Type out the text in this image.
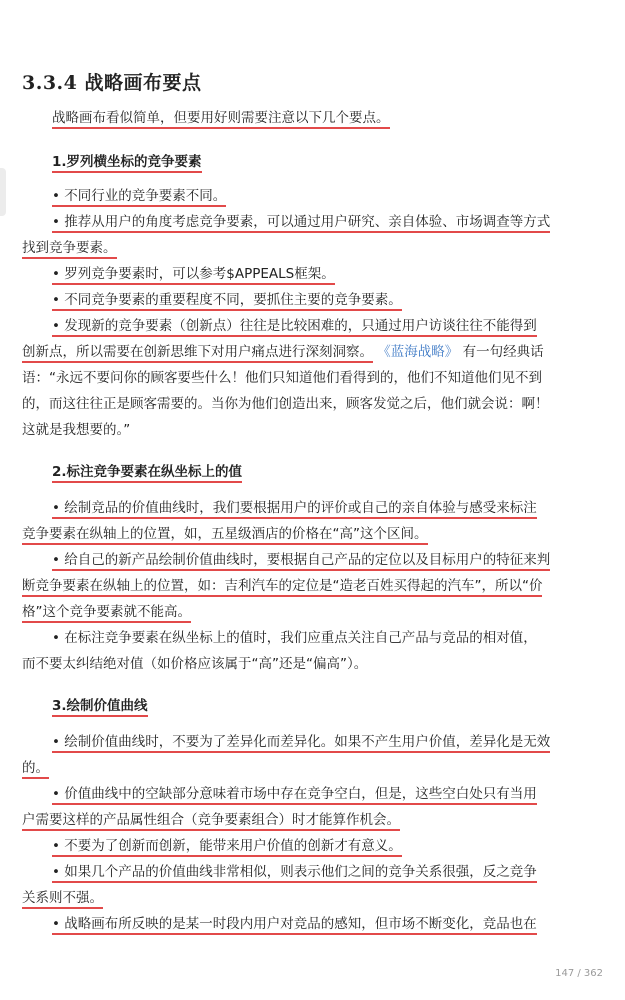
3.3.4 战略画布要点
战略画布看似简单，但要用好则需要注意以下几个要点。
1.罗列横坐标的竞争要素
• 不同行业的竞争要素不同。
• 推荐从用户的角度考虑竞争要素，可以通过用户研究、亲自体验、市场调查等方式
找到竞争要素。
• 罗列竞争要素时，可以参考$APPEALS框架。
• 不同竞争要素的重要程度不同，要抓住主要的竞争要素。
• 发现新的竞争要素（创新点）往往是比较困难的，只通过用户访谈往往不能得到
创新点，所以需要在创新思维下对用户痛点进行深刻洞察。 《蓝海战略》 有一句经典话
语：“永远不要问你的顾客要些什么！他们只知道他们看得到的，他们不知道他们见不到
的，而这往往正是顾客需要的。当你为他们创造出来，顾客发觉之后，他们就会说：啊！
这就是我想要的。”
2.标注竞争要素在纵坐标上的值
• 绘制竞品的价值曲线时，我们要根据用户的评价或自己的亲自体验与感受来标注
竞争要素在纵轴上的位置，如，五星级酒店的价格在“高”这个区间。
• 给自己的新产品绘制价值曲线时，要根据自己产品的定位以及目标用户的特征来判
断竞争要素在纵轴上的位置，如：吉利汽车的定位是“造老百姓买得起的汽车”，所以“价
格”这个竞争要素就不能高。
• 在标注竞争要素在纵坐标上的值时，我们应重点关注自己产品与竞品的相对值，
而不要太纠结绝对值（如价格应该属于“高”还是“偏高”）。
3.绘制价值曲线
• 绘制价值曲线时，不要为了差异化而差异化。如果不产生用户价值，差异化是无效
的。
• 价值曲线中的空缺部分意味着市场中存在竞争空白，但是，这些空白处只有当用
户需要这样的产品属性组合（竞争要素组合）时才能算作机会。
• 不要为了创新而创新，能带来用户价值的创新才有意义。
• 如果几个产品的价值曲线非常相似，则表示他们之间的竞争关系很强，反之竞争
关系则不强。
• 战略画布所反映的是某一时段内用户对竞品的感知，但市场不断变化，竞品也在
147 / 362
